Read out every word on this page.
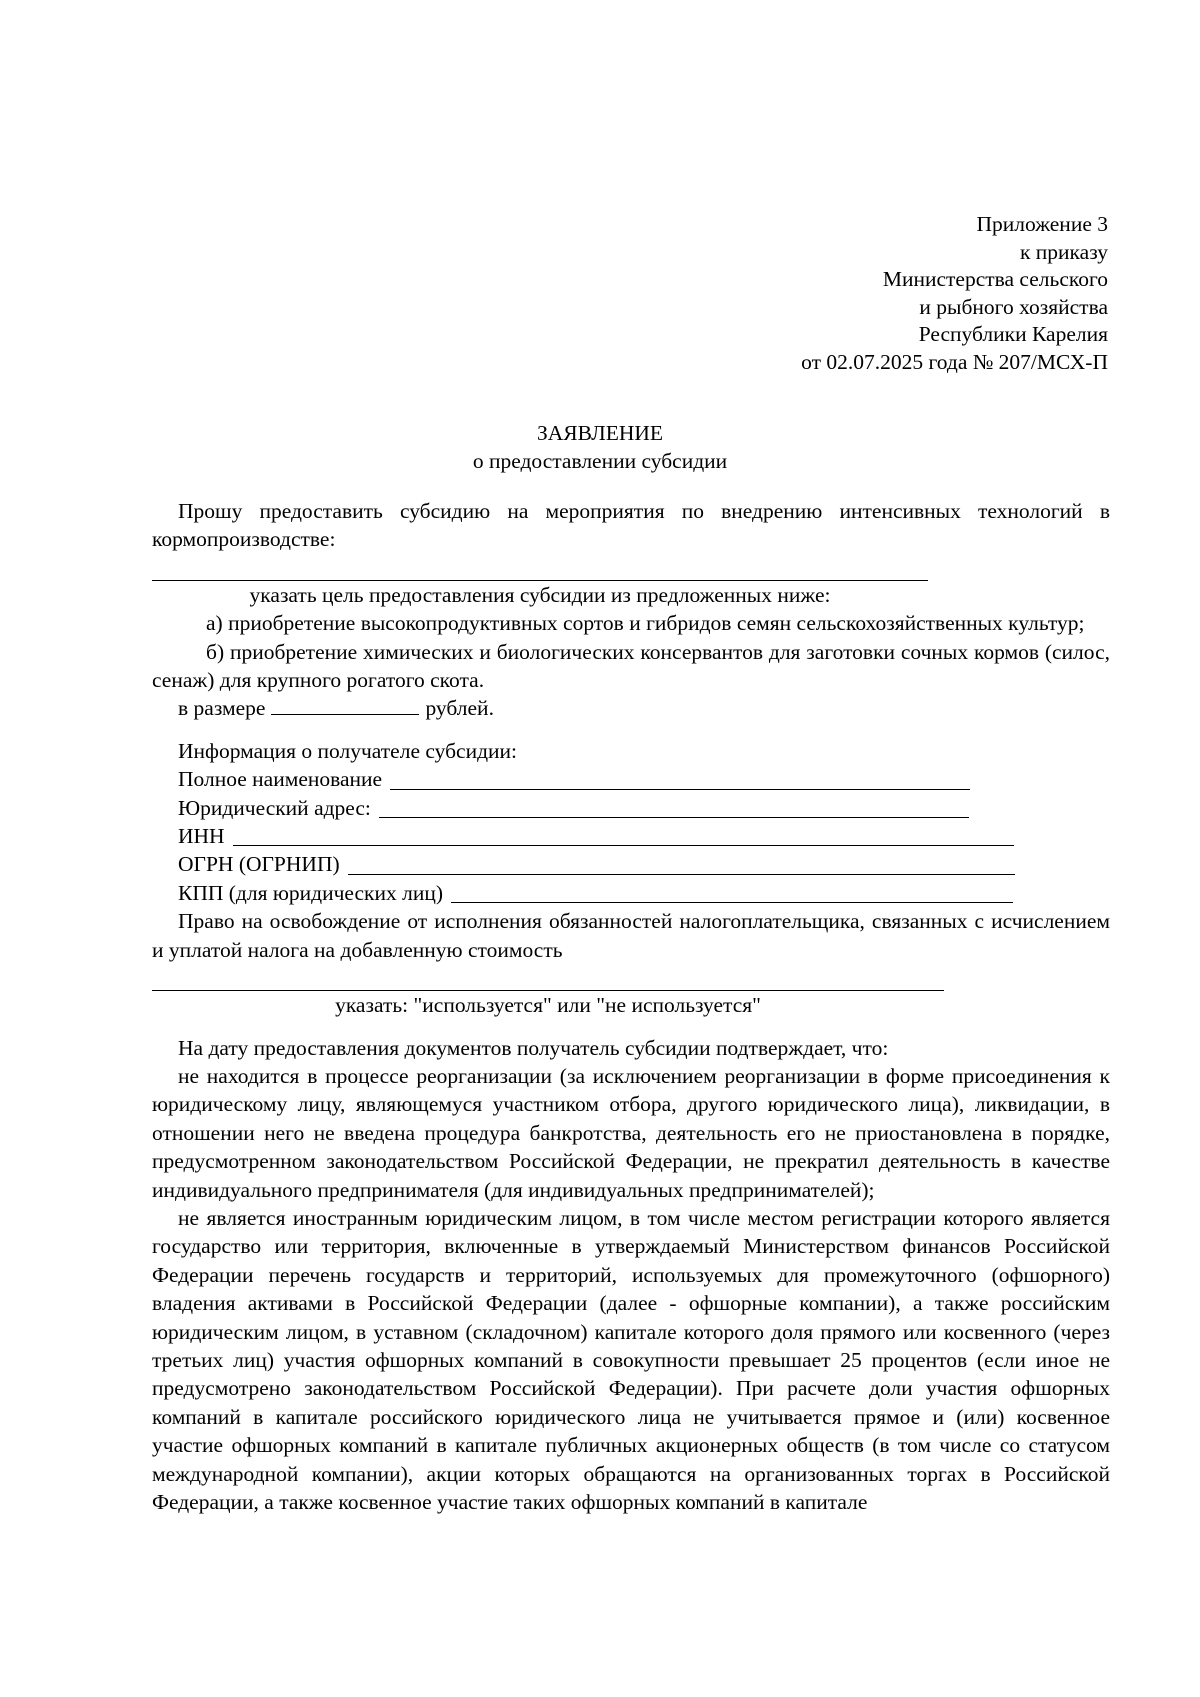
Приложение 3
к приказу
Министерства сельского
и рыбного хозяйства
Республики Карелия
от 02.07.2025 года № 207/МСХ-П
ЗАЯВЛЕНИЕ
о предоставлении субсидии

Прошу предоставить субсидию на мероприятия по внедрению интенсивных технологий в кормопроизводстве:

указать цель предоставления субсидии из предложенных ниже:

а) приобретение высокопродуктивных сортов и гибридов семян сельскохозяйственных культур;

б) приобретение химических и биологических консервантов для заготовки сочных кормов (силос, сенаж) для крупного рогатого скота.

в размере	рублей.

Информация о получателе субсидии:

Полное наименование

Юридический адрес:

ИНН

ОГРН (ОГРНИП)

КПП (для юридических лиц)

Право на освобождение от исполнения обязанностей налогоплательщика, связанных с исчислением и уплатой налога на добавленную стоимость

указать: "используется" или "не используется"

На дату предоставления документов получатель субсидии подтверждает, что:

не находится в процессе реорганизации (за исключением реорганизации в форме присоединения к юридическому лицу, являющемуся участником отбора, другого юридического лица), ликвидации, в отношении него не введена процедура банкротства, деятельность его не приостановлена в порядке, предусмотренном законодательством Российской Федерации, не прекратил деятельность в качестве индивидуального предпринимателя (для индивидуальных предпринимателей);

не является иностранным юридическим лицом, в том числе местом регистрации которого является государство или территория, включенные в утверждаемый Министерством финансов Российской Федерации перечень государств и территорий, используемых для промежуточного (офшорного) владения активами в Российской Федерации (далее - офшорные компании), а также российским юридическим лицом, в уставном (складочном) капитале которого доля прямого или косвенного (через третьих лиц) участия офшорных компаний в совокупности превышает 25 процентов (если иное не предусмотрено законодательством Российской Федерации). При расчете доли участия офшорных компаний в капитале российского юридического лица не учитывается прямое и (или) косвенное участие офшорных компаний в капитале публичных акционерных обществ (в том числе со статусом международной компании), акции которых обращаются на организованных торгах в Российской Федерации, а также косвенное участие таких офшорных компаний в капитале
